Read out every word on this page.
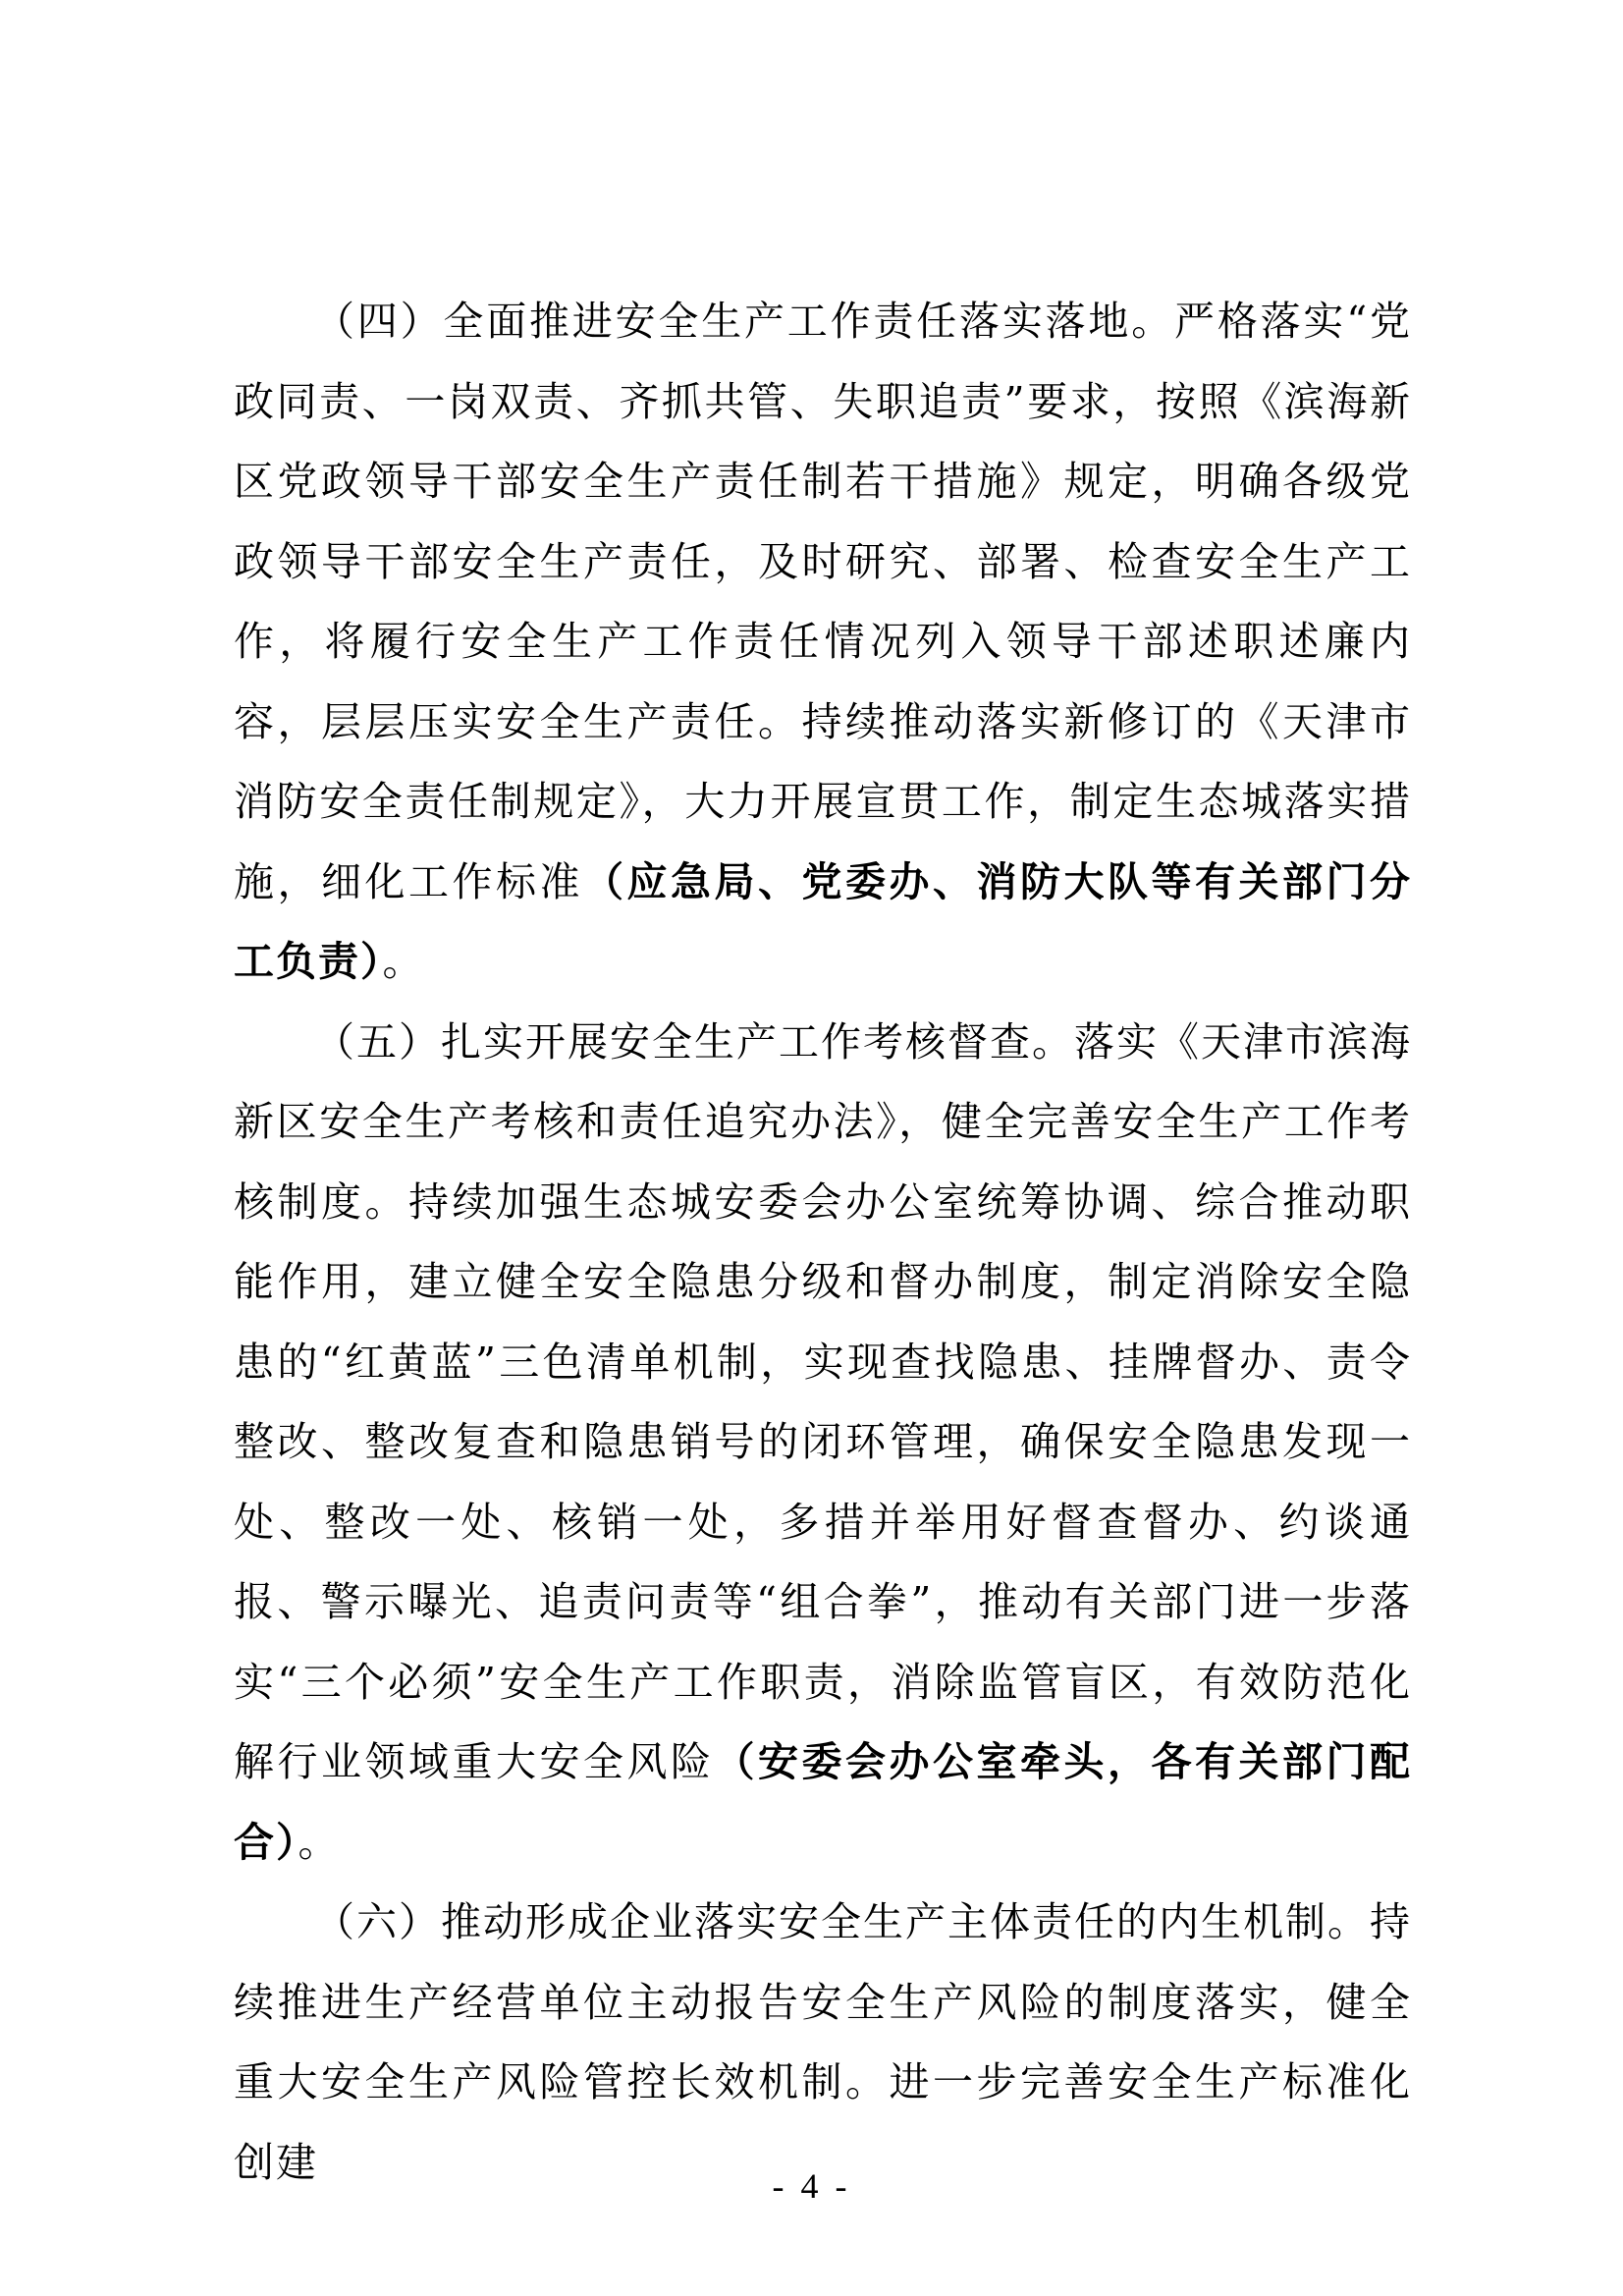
（四）全面推进安全生产工作责任落实落地。严格落实“党政同责、一岗双责、齐抓共管、失职追责”要求，按照《滨海新区党政领导干部安全生产责任制若干措施》规定，明确各级党政领导干部安全生产责任，及时研究、部署、检查安全生产工作，将履行安全生产工作责任情况列入领导干部述职述廉内容，层层压实安全生产责任。持续推动落实新修订的《天津市消防安全责任制规定》，大力开展宣贯工作，制定生态城落实措施，细化工作标准（应急局、党委办、消防大队等有关部门分工负责）。

（五）扎实开展安全生产工作考核督查。落实《天津市滨海新区安全生产考核和责任追究办法》，健全完善安全生产工作考核制度。持续加强生态城安委会办公室统筹协调、综合推动职能作用，建立健全安全隐患分级和督办制度，制定消除安全隐患的“红黄蓝”三色清单机制，实现查找隐患、挂牌督办、责令整改、整改复查和隐患销号的闭环管理，确保安全隐患发现一处、整改一处、核销一处，多措并举用好督查督办、约谈通报、警示曝光、追责问责等“组合拳”，推动有关部门进一步落实“三个必须”安全生产工作职责，消除监管盲区，有效防范化解行业领域重大安全风险（安委会办公室牵头，各有关部门配合）。

（六）推动形成企业落实安全生产主体责任的内生机制。持续推进生产经营单位主动报告安全生产风险的制度落实，健全重大安全生产风险管控长效机制。进一步完善安全生产标准化创建

- 4 -
